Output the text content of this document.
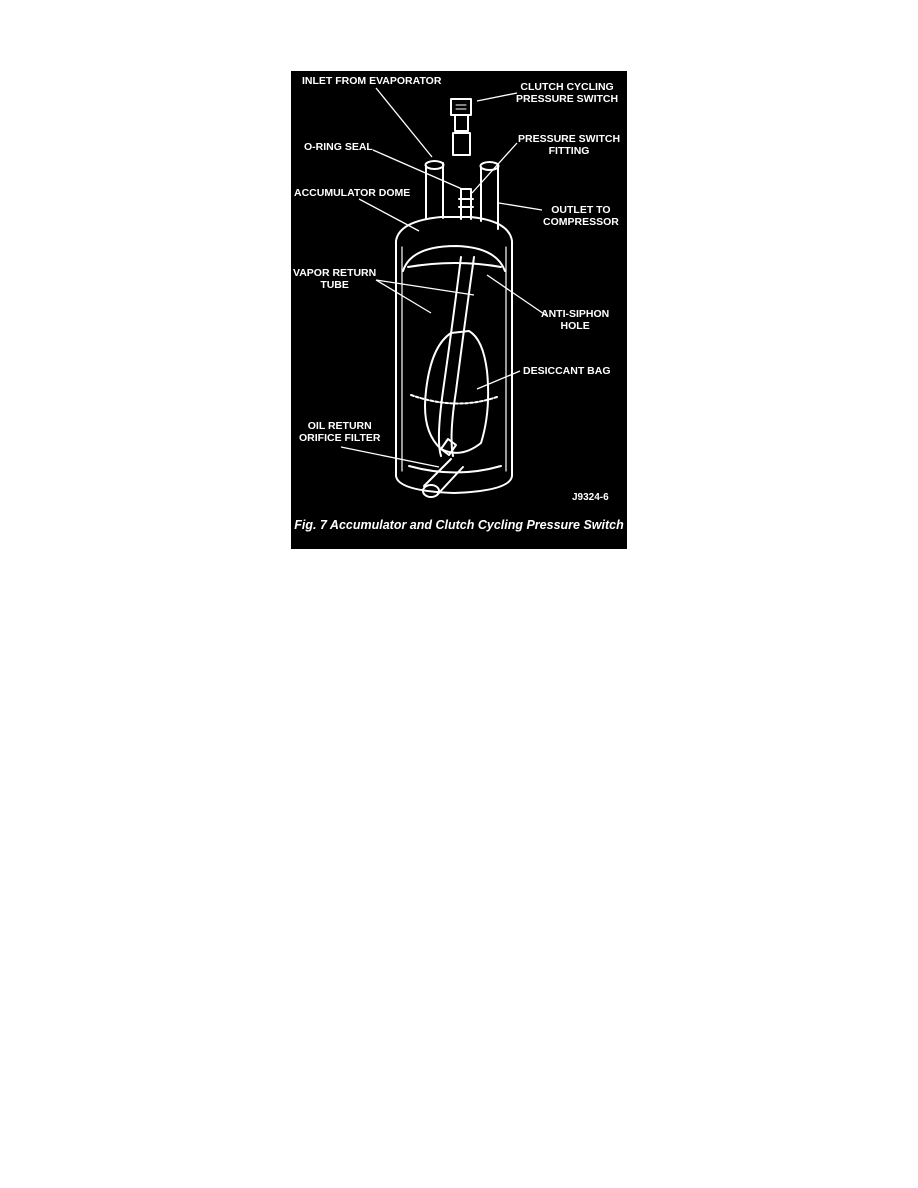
INLET FROM EVAPORATOR	CLUTCH CYCLING
PRESSURE SWITCH
O-RING SEAL
PRESSURE SWITCH
FITTING
ACCUMULATOR DOME
OUTLET TO
COMPRESSOR
VAPOR RETURN
TUBE
ANTI-SIPHON
HOLE
DESICCANT BAG
OIL RETURN
ORIFICE FILTER
J9324-6
Fig. 7 Accumulator and Clutch Cycling Pressure Switch
